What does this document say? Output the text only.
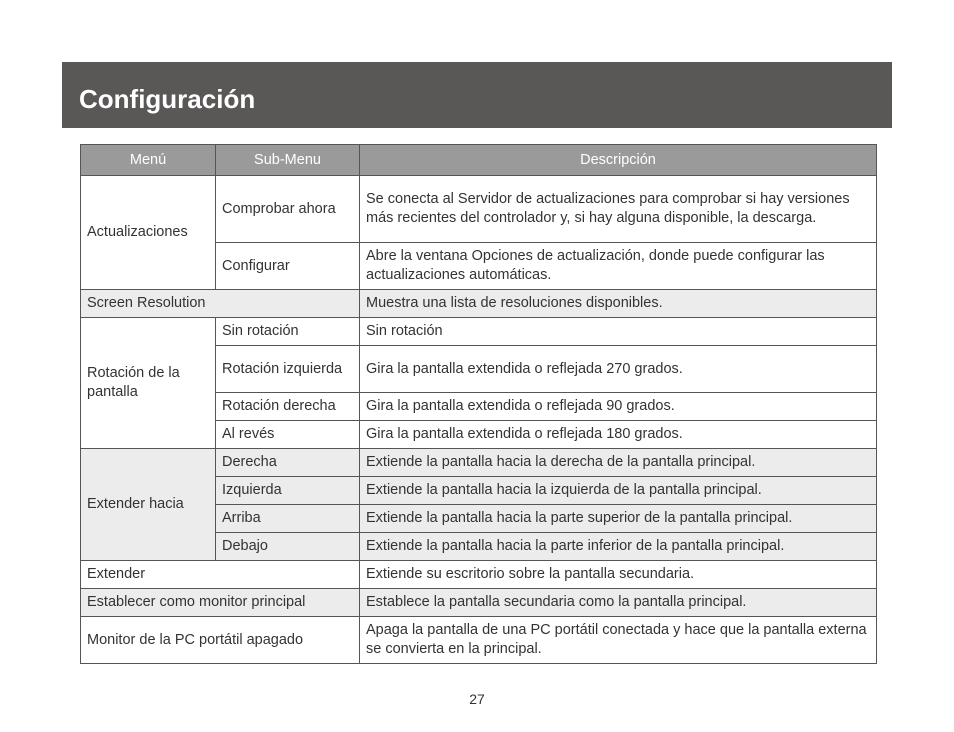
Configuración
Menú	Sub-Menu	Descripción
Actualizaciones	Comprobar ahora	Se conecta al Servidor de actualizaciones para comprobar si hay versiones más recientes del controlador y, si hay alguna disponible, la descarga.
	Configurar	Abre la ventana Opciones de actualización, donde puede configurar las actualizaciones automáticas.
Screen Resolution		Muestra una lista de resoluciones disponibles.
Rotación de la pantalla	Sin rotación	Sin rotación
	Rotación izquierda	Gira la pantalla extendida o reflejada 270 grados.
	Rotación derecha	Gira la pantalla extendida o reflejada 90 grados.
	Al revés	Gira la pantalla extendida o reflejada 180 grados.
Extender hacia	Derecha	Extiende la pantalla hacia la derecha de la pantalla principal.
	Izquierda	Extiende la pantalla hacia la izquierda de la pantalla principal.
	Arriba	Extiende la pantalla hacia la parte superior de la pantalla principal.
	Debajo	Extiende la pantalla hacia la parte inferior de la pantalla principal.
Extender		Extiende su escritorio sobre la pantalla secundaria.
Establecer como monitor principal		Establece la pantalla secundaria como la pantalla principal.
Monitor de la PC portátil apagado		Apaga la pantalla de una PC portátil conectada y hace que la pantalla externa se convierta en la principal.
27
